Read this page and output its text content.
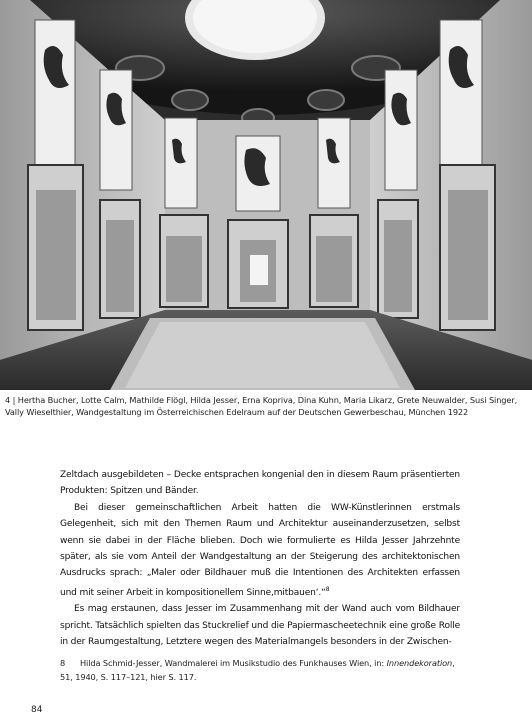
4 | Hertha Bucher, Lotte Calm, Mathilde Flögl, Hilda Jesser, Erna Kopriva, Dina Kuhn, Maria Likarz, Grete Neuwalder, Susi Singer, Vally Wieselthier, Wandgestaltung im Österreichischen Edelraum auf der Deutschen Gewerbeschau, München 1922

Zeltdach ausgebildeten – Decke entsprachen kongenial den in diesem Raum präsentierten Produkten: Spitzen und Bänder.

Bei dieser gemeinschaftlichen Arbeit hatten die WW-Künstlerinnen erstmals Gelegenheit, sich mit den Themen Raum und Architektur auseinanderzusetzen, selbst wenn sie dabei in der Fläche blieben. Doch wie formulierte es Hilda Jesser Jahrzehnte später, als sie vom Anteil der Wandgestaltung an der Steigerung des architektonischen Ausdrucks sprach: „Maler oder Bildhauer muß die Intentionen des Architekten erfassen und mit seiner Arbeit in kompositionellem Sinne,mitbauen‘.“$^8$

Es mag erstaunen, dass Jesser im Zusammenhang mit der Wand auch vom Bildhauer spricht. Tatsächlich spielten das Stuckrelief und die Papiermascheetechnik eine große Rolle in der Raumgestaltung, Letztere wegen des Materialmangels besonders in der Zwischen-

8 Hilda Schmid-Jesser, Wandmalerei im Musikstudio des Funkhauses Wien, in: Innendekoration, 51, 1940, S. 117–121, hier S. 117.
84
